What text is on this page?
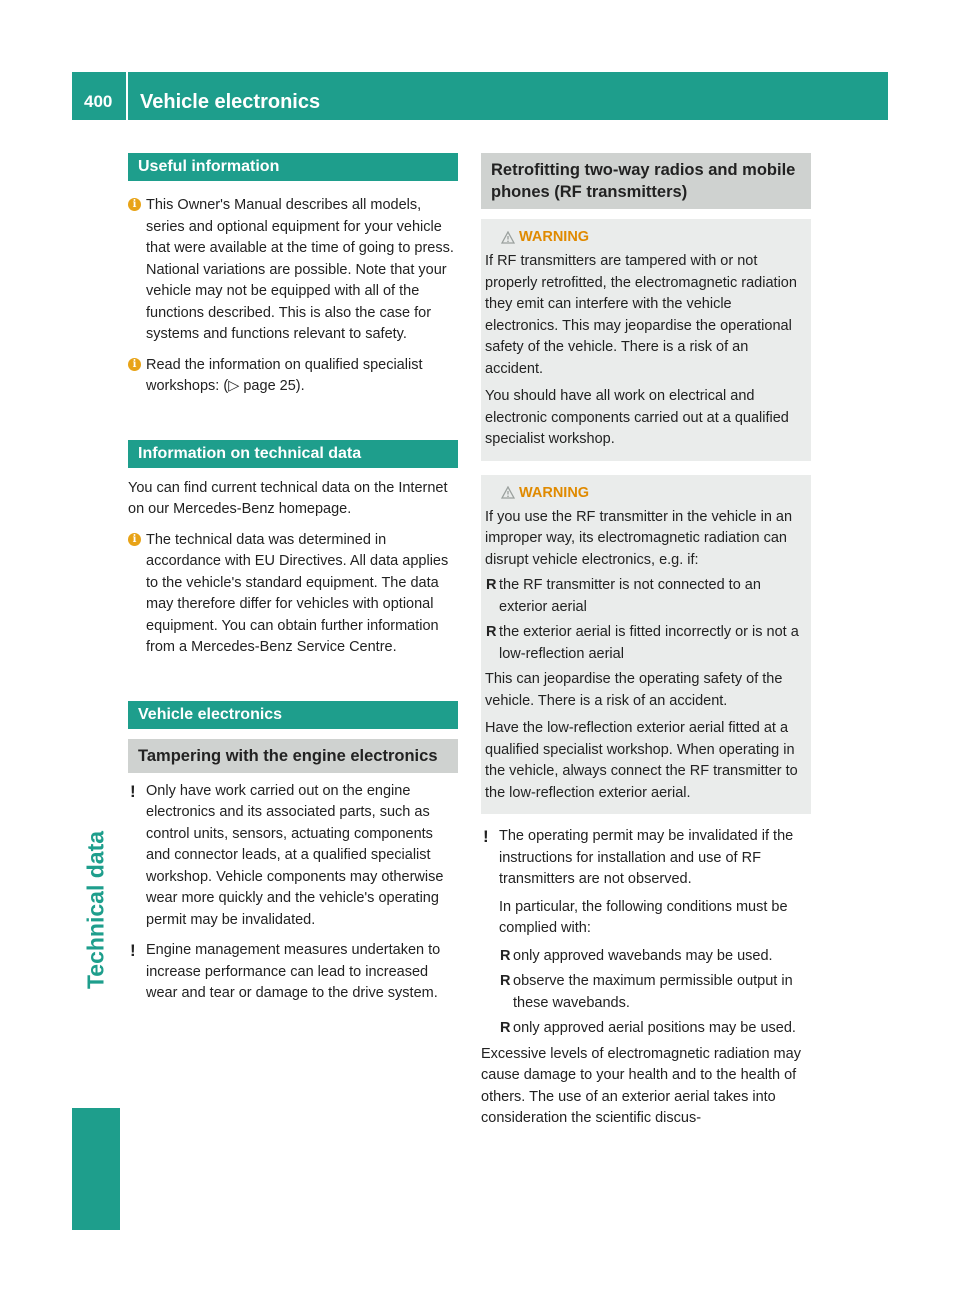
400	Vehicle electronics
Technical data
Useful information
i This Owner's Manual describes all models, series and optional equipment for your vehicle that were available at the time of going to press. National variations are possible. Note that your vehicle may not be equipped with all of the functions described. This is also the case for systems and functions relevant to safety.

i Read the information on qualified specialist workshops: (▷ page 25).

Information on technical data

You can find current technical data on the Internet on our Mercedes-Benz homepage.

i The technical data was determined in accordance with EU Directives. All data applies to the vehicle's standard equipment. The data may therefore differ for vehicles with optional equipment. You can obtain further information from a Mercedes-Benz Service Centre.

Vehicle electronics
Tampering with the engine electronics
! Only have work carried out on the engine electronics and its associated parts, such as control units, sensors, actuating components and connector leads, at a qualified specialist workshop. Vehicle components may otherwise wear more quickly and the vehicle's operating permit may be invalidated.

! Engine management measures undertaken to increase performance can lead to increased wear and tear or damage to the drive system.

Retrofitting two-way radios and mobile phones (RF transmitters)
WARNING

If RF transmitters are tampered with or not properly retrofitted, the electromagnetic radiation they emit can interfere with the vehicle electronics. This may jeopardise the operational safety of the vehicle. There is a risk of an accident.

You should have all work on electrical and electronic components carried out at a qualified specialist workshop.

WARNING

If you use the RF transmitter in the vehicle in an improper way, its electromagnetic radiation can disrupt vehicle electronics, e.g. if:

R the RF transmitter is not connected to an exterior aerial
R the exterior aerial is fitted incorrectly or is not a low-reflection aerial

This can jeopardise the operating safety of the vehicle. There is a risk of an accident.

Have the low-reflection exterior aerial fitted at a qualified specialist workshop. When operating in the vehicle, always connect the RF transmitter to the low-reflection exterior aerial.

! The operating permit may be invalidated if the instructions for installation and use of RF transmitters are not observed.

In particular, the following conditions must be complied with:

R only approved wavebands may be used.
R observe the maximum permissible output in these wavebands.
R only approved aerial positions may be used.

Excessive levels of electromagnetic radiation may cause damage to your health and to the health of others. The use of an exterior aerial takes into consideration the scientific discus-
